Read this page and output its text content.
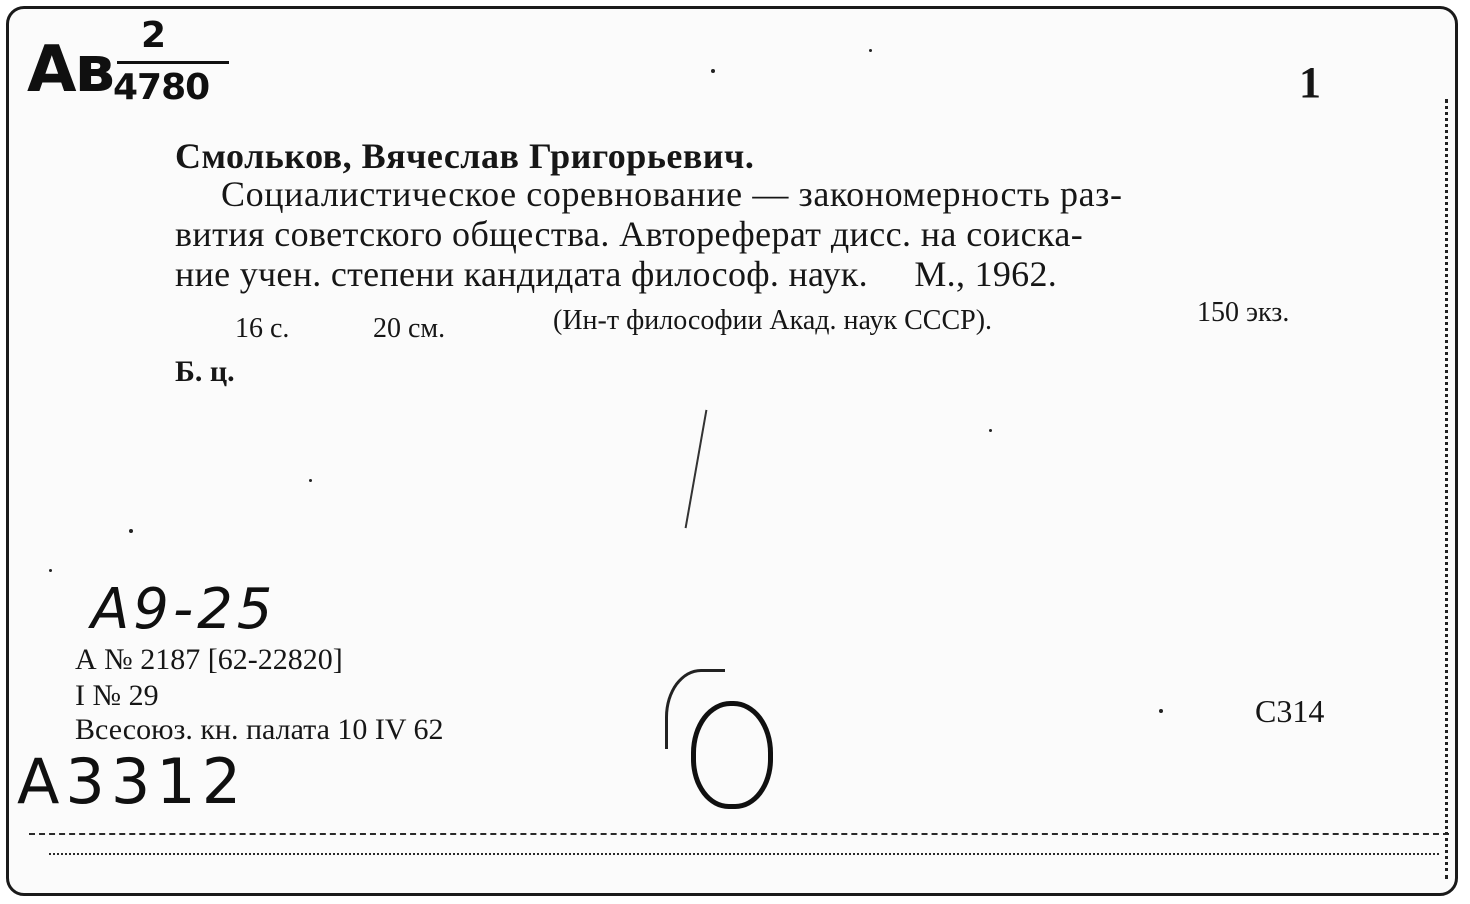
Ав 2
4780	1
Смольков, Вячеслав Григорьевич.
Социалистическое соревнование — закономерность раз-
вития советского общества. Автореферат дисс. на соиска-
ние учен. степени кандидата философ. наук.     М., 1962.
16 с.	20 см.	(Ин-т философии Акад. наук СССР).	150 экз.
Б. ц.
А9-25
А № 2187 [62-22820]
I № 29
Всесоюз. кн. палата 10 IV 62
С314
А3312
